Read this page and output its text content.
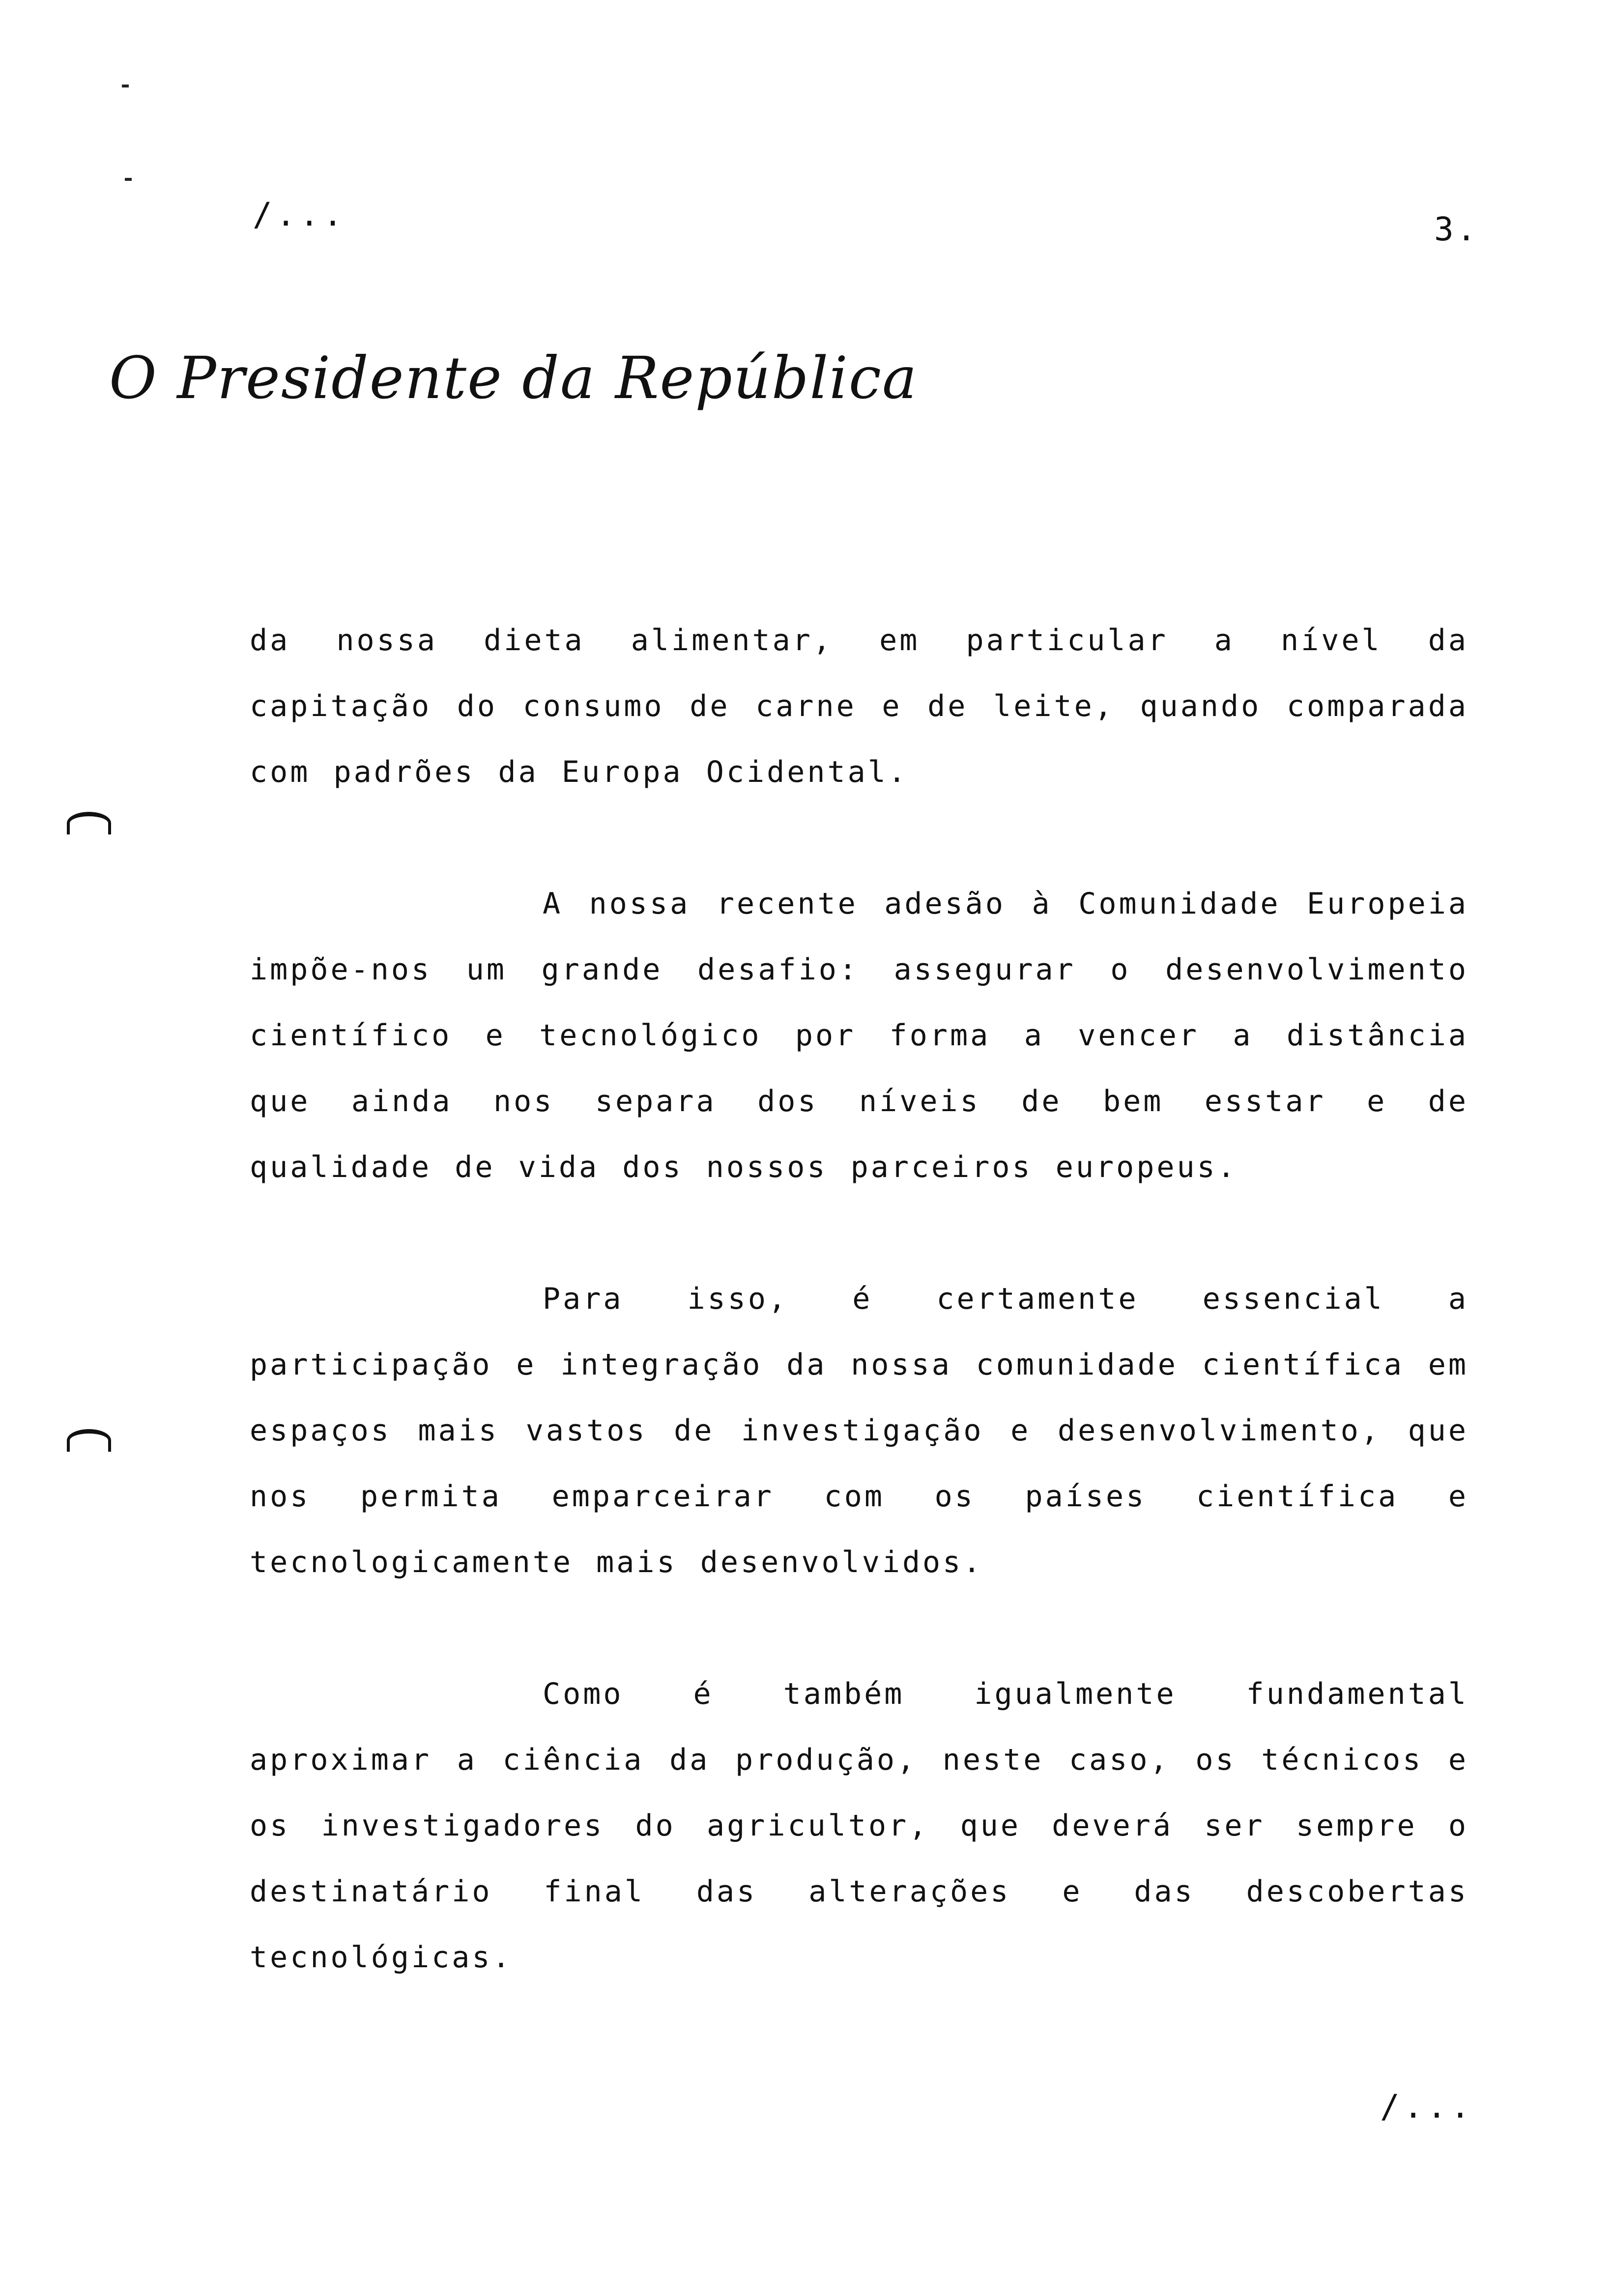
/...	3.
O Presidente da República

da nossa dieta alimentar, em particular a nível da capitação do consumo de carne e de leite, quando comparada com padrões da Europa Ocidental.

A nossa recente adesão à Comunidade Europeia impõe-nos um grande desafio: assegurar o desenvolvimento científico e tecnológico por forma a vencer a distância que ainda nos separa dos níveis de bem esstar e de qualidade de vida dos nossos parceiros europeus.

Para isso, é certamente essencial a participação e integração da nossa comunidade científica em espaços mais vastos de investigação e desenvolvimento, que nos permita emparceirar com os países científica e tecnologicamente mais desenvolvidos.

Como é também igualmente fundamental aproximar a ciência da produção, neste caso, os técnicos e os investigadores do agricultor, que deverá ser sempre o destinatário final das alterações e das descobertas tecnológicas.

/...
